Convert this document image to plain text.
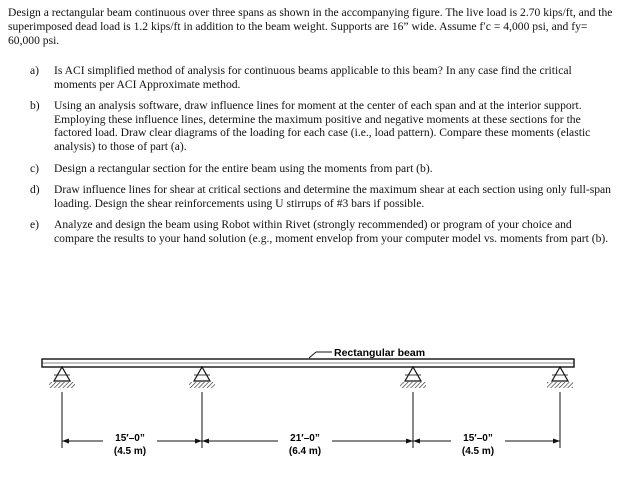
Design a rectangular beam continuous over three spans as shown in the accompanying figure. The live load is 2.70 kips/ft, and the superimposed dead load is 1.2 kips/ft in addition to the beam weight. Supports are 16” wide. Assume f′c = 4,000 psi, and fy= 60,000 psi.

a)	Is ACI simplified method of analysis for continuous beams applicable to this beam? In any case find the critical moments per ACI Approximate method.
b)	Using an analysis software, draw influence lines for moment at the center of each span and at the interior support. Employing these influence lines, determine the maximum positive and negative moments at these sections for the factored load. Draw clear diagrams of the loading for each case (i.e., load pattern). Compare these moments (elastic analysis) to those of part (a).
c)	Design a rectangular section for the entire beam using the moments from part (b).
d)	Draw influence lines for shear at critical sections and determine the maximum shear at each section using only full-span loading. Design the shear reinforcements using U stirrups of #3 bars if possible.
e)	Analyze and design the beam using Robot within Rivet (strongly recommended) or program of your choice and compare the results to your hand solution (e.g., moment envelop from your computer model vs. moments from part (b).
Rectangular beam
15′–0”
(4.5 m)
21′–0”
(6.4 m)
15′–0”
(4.5 m)
